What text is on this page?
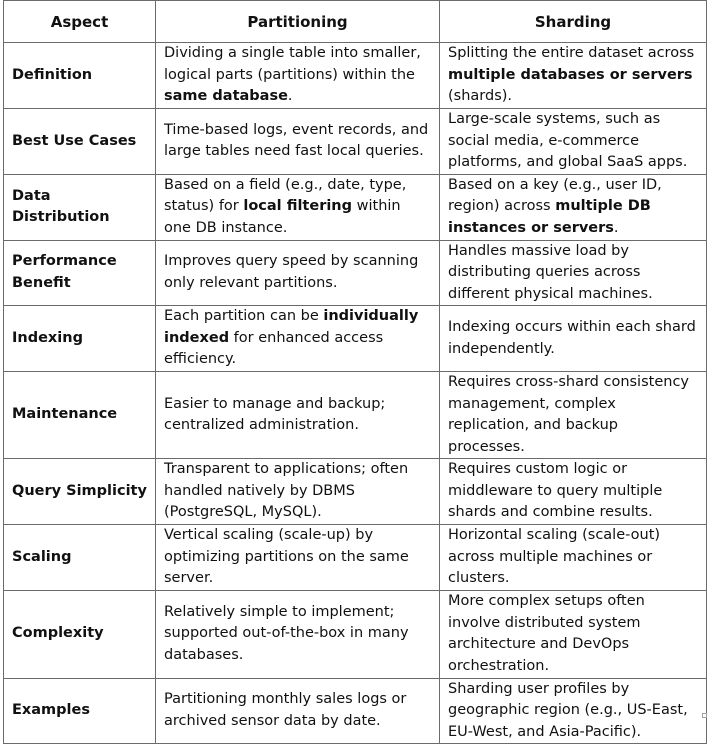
Aspect	Partitioning	Sharding
Definition	Dividing a single table into smaller, logical parts (partitions) within the same database.	Splitting the entire dataset across multiple databases or servers (shards).
Best Use Cases	Time-based logs, event records, and large tables need fast local queries.	Large-scale systems, such as social media, e-commerce platforms, and global SaaS apps.
Data Distribution	Based on a field (e.g., date, type, status) for local filtering within one DB instance.	Based on a key (e.g., user ID, region) across multiple DB instances or servers.
Performance Benefit	Improves query speed by scanning only relevant partitions.	Handles massive load by distributing queries across different physical machines.
Indexing	Each partition can be individually indexed for enhanced access efficiency.	Indexing occurs within each shard independently.
Maintenance	Easier to manage and backup; centralized administration.	Requires cross-shard consistency management, complex replication, and backup processes.
Query Simplicity	Transparent to applications; often handled natively by DBMS (PostgreSQL, MySQL).	Requires custom logic or middleware to query multiple shards and combine results.
Scaling	Vertical scaling (scale-up) by optimizing partitions on the same server.	Horizontal scaling (scale-out) across multiple machines or clusters.
Complexity	Relatively simple to implement; supported out-of-the-box in many databases.	More complex setups often involve distributed system architecture and DevOps orchestration.
Examples	Partitioning monthly sales logs or archived sensor data by date.	Sharding user profiles by geographic region (e.g., US-East, EU-West, and Asia-Pacific).
